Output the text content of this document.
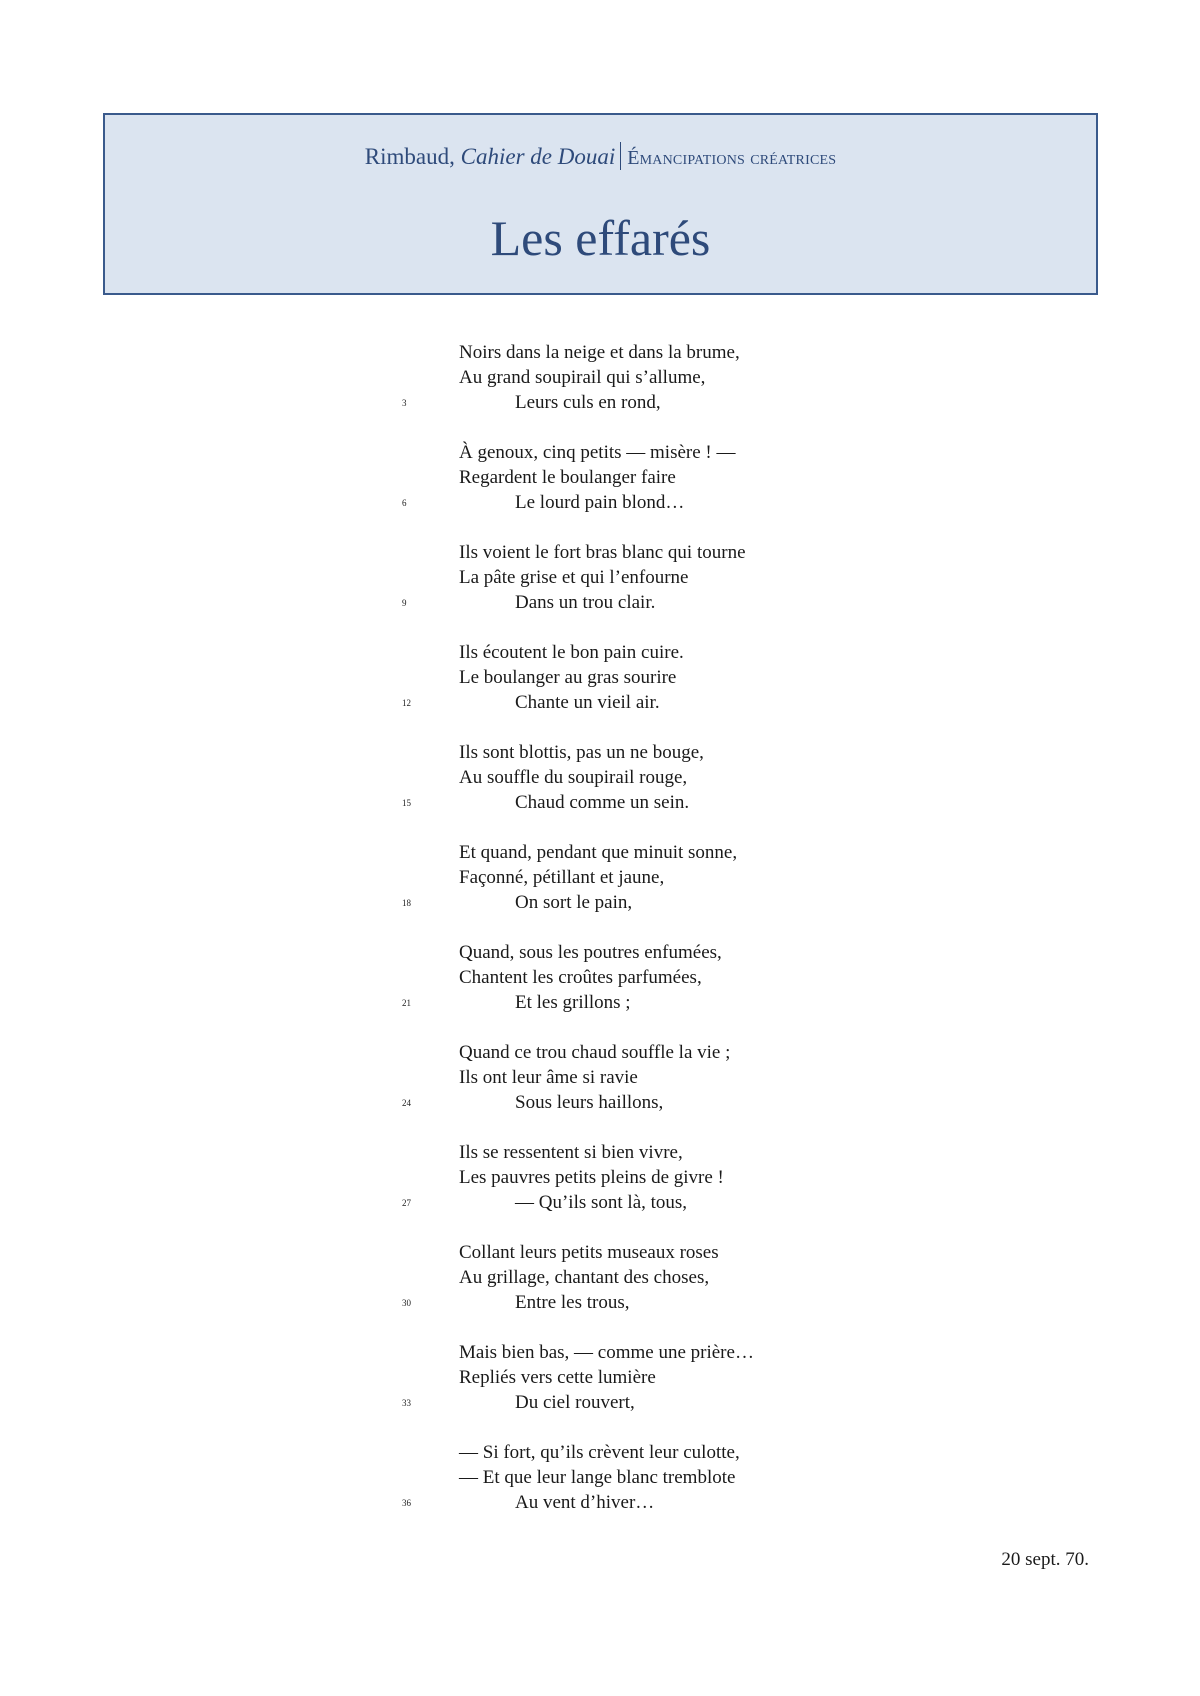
Rimbaud, Cahier de Douai Émancipations créatrices
Les effarés
Noirs dans la neige et dans la brume,
Au grand soupirail qui s’allume,
Leurs culs en rond,
3
À genoux, cinq petits — misère ! —
Regardent le boulanger faire
Le lourd pain blond…
6
Ils voient le fort bras blanc qui tourne
La pâte grise et qui l’enfourne
Dans un trou clair.
9
Ils écoutent le bon pain cuire.
Le boulanger au gras sourire
Chante un vieil air.
12
Ils sont blottis, pas un ne bouge,
Au souffle du soupirail rouge,
Chaud comme un sein.
15
Et quand, pendant que minuit sonne,
Façonné, pétillant et jaune,
On sort le pain,
18
Quand, sous les poutres enfumées,
Chantent les croûtes parfumées,
Et les grillons ;
21
Quand ce trou chaud souffle la vie ;
Ils ont leur âme si ravie
Sous leurs haillons,
24
Ils se ressentent si bien vivre,
Les pauvres petits pleins de givre !
— Qu’ils sont là, tous,
27
Collant leurs petits museaux roses
Au grillage, chantant des choses,
Entre les trous,
30
Mais bien bas, — comme une prière…
Repliés vers cette lumière
Du ciel rouvert,
33
— Si fort, qu’ils crèvent leur culotte,
— Et que leur lange blanc tremblote
Au vent d’hiver…
36
20 sept. 70.
